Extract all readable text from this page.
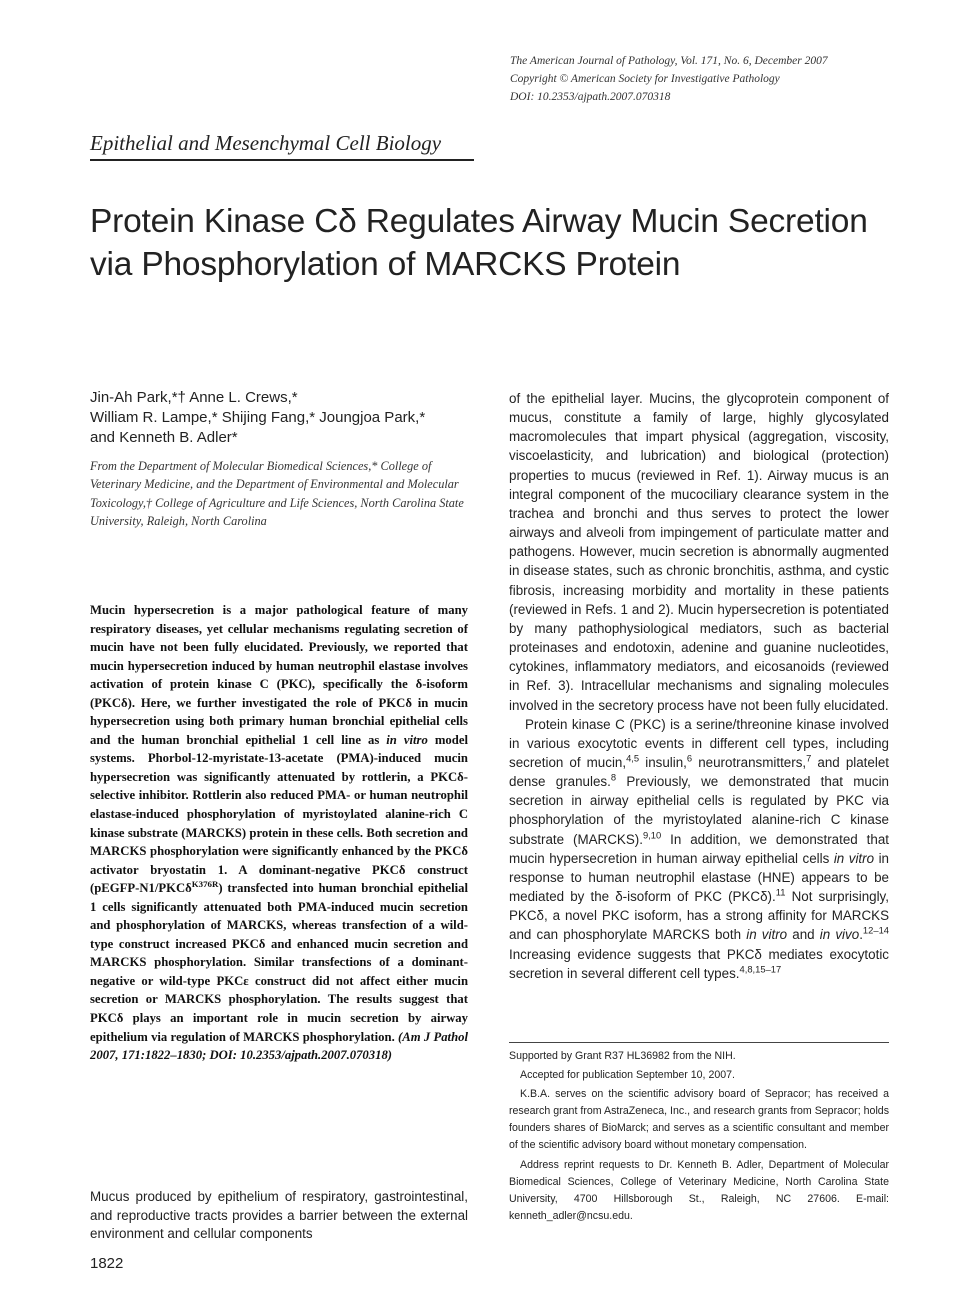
The American Journal of Pathology, Vol. 171, No. 6, December 2007
Copyright © American Society for Investigative Pathology
DOI: 10.2353/ajpath.2007.070318
Epithelial and Mesenchymal Cell Biology
Protein Kinase Cδ Regulates Airway Mucin Secretion
via Phosphorylation of MARCKS Protein
Jin-Ah Park,*† Anne L. Crews,*
William R. Lampe,* Shijing Fang,* Joungjoa Park,*
and Kenneth B. Adler*
From the Department of Molecular Biomedical Sciences,* College of Veterinary Medicine, and the Department of Environmental and Molecular Toxicology,† College of Agriculture and Life Sciences, North Carolina State University, Raleigh, North Carolina
Mucin hypersecretion is a major pathological feature of many respiratory diseases, yet cellular mechanisms regulating secretion of mucin have not been fully elucidated. Previously, we reported that mucin hypersecretion induced by human neutrophil elastase involves activation of protein kinase C (PKC), specifically the δ-isoform (PKCδ). Here, we further investigated the role of PKCδ in mucin hypersecretion using both primary human bronchial epithelial cells and the human bronchial epithelial 1 cell line as in vitro model systems. Phorbol-12-myristate-13-acetate (PMA)-induced mucin hypersecretion was significantly attenuated by rottlerin, a PKCδ-selective inhibitor. Rottlerin also reduced PMA- or human neutrophil elastase-induced phosphorylation of myristoylated alanine-rich C kinase substrate (MARCKS) protein in these cells. Both secretion and MARCKS phosphorylation were significantly enhanced by the PKCδ activator bryostatin 1. A dominant-negative PKCδ construct (pEGFP-N1/PKCδ$^{K376R}$) transfected into human bronchial epithelial 1 cells significantly attenuated both PMA-induced mucin secretion and phosphorylation of MARCKS, whereas transfection of a wild-type construct increased PKCδ and enhanced mucin secretion and MARCKS phosphorylation. Similar transfections of a dominant-negative or wild-type PKCε construct did not affect either mucin secretion or MARCKS phosphorylation. The results suggest that PKCδ plays an important role in mucin secretion by airway epithelium via regulation of MARCKS phosphorylation. (Am J Pathol 2007, 171:1822–1830; DOI: 10.2353/ajpath.2007.070318)
Mucus produced by epithelium of respiratory, gastrointestinal, and reproductive tracts provides a barrier between the external environment and cellular components
1822

of the epithelial layer. Mucins, the glycoprotein component of mucus, constitute a family of large, highly glycosylated macromolecules that impart physical (aggregation, viscosity, viscoelasticity, and lubrication) and biological (protection) properties to mucus (reviewed in Ref. 1). Airway mucus is an integral component of the mucociliary clearance system in the trachea and bronchi and thus serves to protect the lower airways and alveoli from impingement of particulate matter and pathogens. However, mucin secretion is abnormally augmented in disease states, such as chronic bronchitis, asthma, and cystic fibrosis, increasing morbidity and mortality in these patients (reviewed in Refs. 1 and 2). Mucin hypersecretion is potentiated by many pathophysiological mediators, such as bacterial proteinases and endotoxin, adenine and guanine nucleotides, cytokines, inflammatory mediators, and eicosanoids (reviewed in Ref. 3). Intracellular mechanisms and signaling molecules involved in the secretory process have not been fully elucidated.

Protein kinase C (PKC) is a serine/threonine kinase involved in various exocytotic events in different cell types, including secretion of mucin,$^{4,5}$ insulin,$^6$ neurotransmitters,$^7$ and platelet dense granules.$^8$ Previously, we demonstrated that mucin secretion in airway epithelial cells is regulated by PKC via phosphorylation of the myristoylated alanine-rich C kinase substrate (MARCKS).$^{9,10}$ In addition, we demonstrated that mucin hypersecretion in human airway epithelial cells in vitro in response to human neutrophil elastase (HNE) appears to be mediated by the δ-isoform of PKC (PKCδ).$^{11}$ Not surprisingly, PKCδ, a novel PKC isoform, has a strong affinity for MARCKS and can phosphorylate MARCKS both in vitro and in vivo.$^{12-14}$ Increasing evidence suggests that PKCδ mediates exocytotic secretion in several different cell types.$^{4,8,15-17}$

Supported by Grant R37 HL36982 from the NIH.

Accepted for publication September 10, 2007.

K.B.A. serves on the scientific advisory board of Sepracor; has received a research grant from AstraZeneca, Inc., and research grants from Sepracor; holds founders shares of BioMarck; and serves as a scientific consultant and member of the scientific advisory board without monetary compensation.

Address reprint requests to Dr. Kenneth B. Adler, Department of Molecular Biomedical Sciences, College of Veterinary Medicine, North Carolina State University, 4700 Hillsborough St., Raleigh, NC 27606. E-mail: kenneth_adler@ncsu.edu.
